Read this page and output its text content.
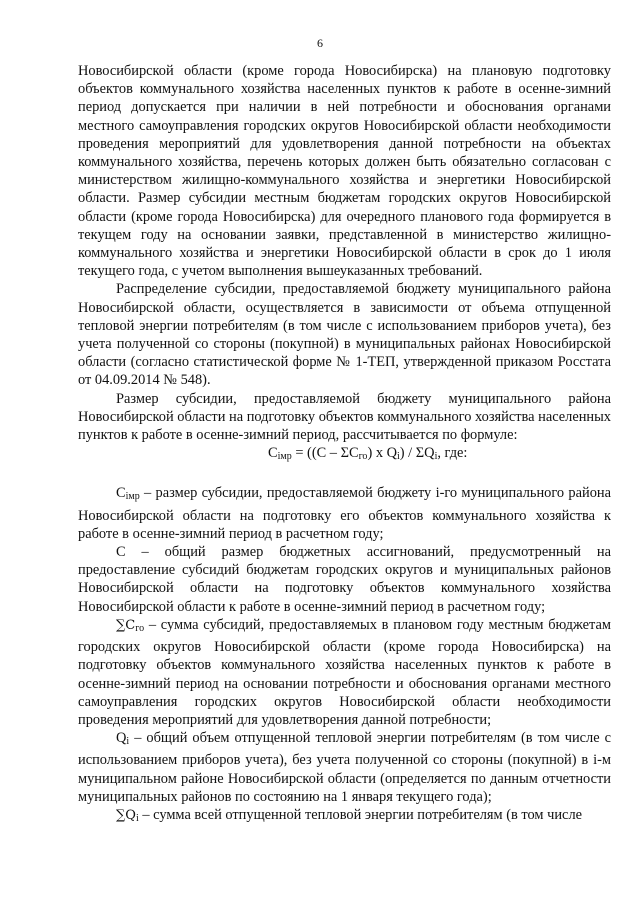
6

Новосибирской области (кроме города Новосибирска) на плановую подготовку объектов коммунального хозяйства населенных пунктов к работе в осенне-зимний период допускается при наличии в ней потребности и обоснования органами местного самоуправления городских округов Новосибирской области необходимости проведения мероприятий для удовлетворения данной потребности на объектах коммунального хозяйства, перечень которых должен быть обязательно согласован с министерством жилищно-коммунального хозяйства и энергетики Новосибирской области. Размер субсидии местным бюджетам городских округов Новосибирской области (кроме города Новосибирска) для очередного планового года формируется в текущем году на основании заявки, представленной в министерство жилищно-коммунального хозяйства и энергетики Новосибирской области в срок до 1 июля текущего года, с учетом выполнения вышеуказанных требований.

Распределение субсидии, предоставляемой бюджету муниципального района Новосибирской области, осуществляется в зависимости от объема отпущенной тепловой энергии потребителям (в том числе с использованием приборов учета), без учета полученной со стороны (покупной) в муниципальных районах Новосибирской области (согласно статистической форме № 1-ТЕП, утвержденной приказом Росстата от 04.09.2014 № 548).

Размер субсидии, предоставляемой бюджету муниципального района Новосибирской области на подготовку объектов коммунального хозяйства населенных пунктов к работе в осенне-зимний период, рассчитывается по формуле:

$C_{iмр} = ((C - \Sigma C_{го})$ x $Q_i) / \Sigma Q_i$, где:

$C_{iмр}$ – размер субсидии, предоставляемой бюджету i-го муниципального района Новосибирской области на подготовку его объектов коммунального хозяйства к работе в осенне-зимний период в расчетном году;

С – общий размер бюджетных ассигнований, предусмотренный на предоставление субсидий бюджетам городских округов и муниципальных районов Новосибирской области на подготовку объектов коммунального хозяйства Новосибирской области к работе в осенне-зимний период в расчетном году;

$\sum C_{го}$ – сумма субсидий, предоставляемых в плановом году местным бюджетам городских округов Новосибирской области (кроме города Новосибирска) на подготовку объектов коммунального хозяйства населенных пунктов к работе в осенне-зимний период на основании потребности и обоснования органами местного самоуправления городских округов Новосибирской области необходимости проведения мероприятий для удовлетворения данной потребности;

$Q_i$ – общий объем отпущенной тепловой энергии потребителям (в том числе с использованием приборов учета), без учета полученной со стороны (покупной) в i-м муниципальном районе Новосибирской области (определяется по данным отчетности муниципальных районов по состоянию на 1 января текущего года);

$\sum Q_i$ – сумма всей отпущенной тепловой энергии потребителям (в том числе
